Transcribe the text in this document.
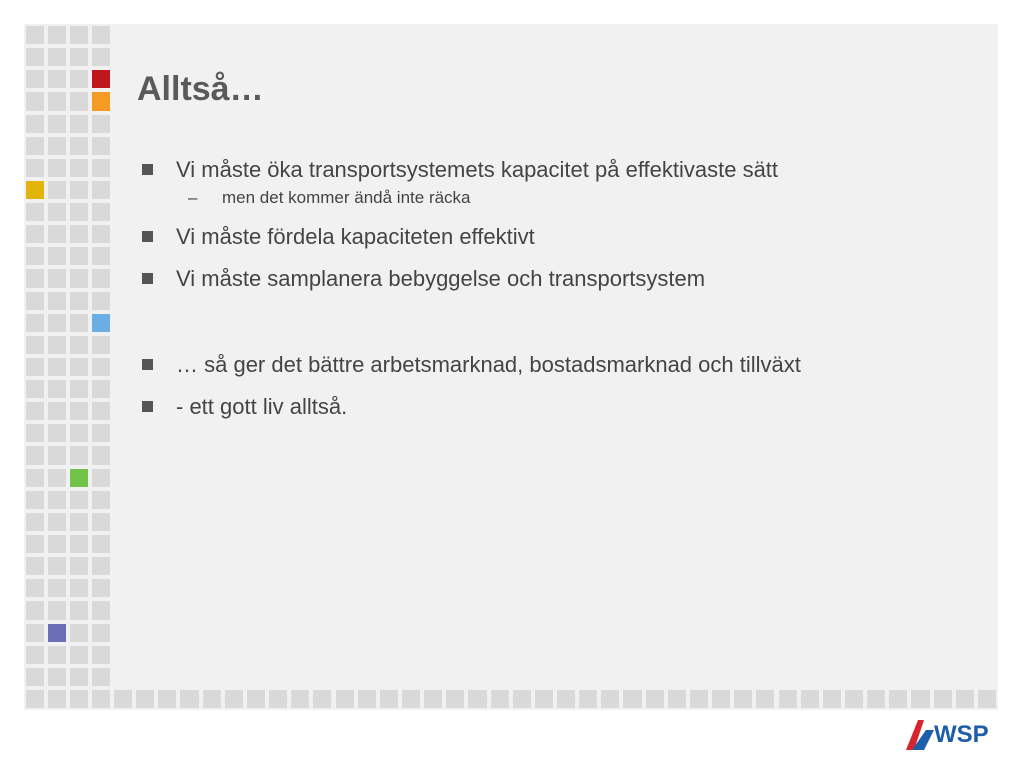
Alltså…
Vi måste öka transportsystemets kapacitet på effektivaste sätt
– men det kommer ändå inte räcka
Vi måste fördela kapaciteten effektivt
Vi måste samplanera bebyggelse och transportsystem
… så ger det bättre arbetsmarknad, bostadsmarknad och tillväxt
- ett gott liv alltså.
WSP
